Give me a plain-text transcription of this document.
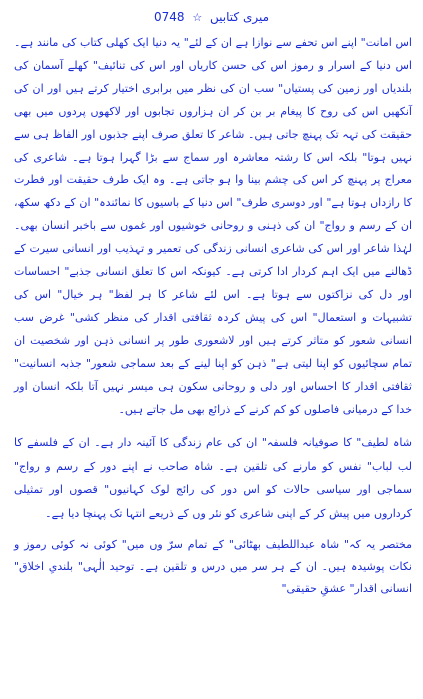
میری کتابیں ☆ 0748

اس امانت" اپنے اس تحفے سے نوازا ہے ان کے لئے" یہ دنیا ایک کھلی کتاب کی مانند ہے۔ اس دنیا کے اسرار و رموز اس کی حسن کاریاں اور اس کی تنائیف" کھلے آسمان کی بلندیاں اور زمین کی پستیاں" سب ان کی نظر میں برابری اختیار کرتے ہیں اور ان کی آنکھیں اس کی روح کا پیغام بر بن کر ان ہزاروں تجابوں اور لاکھوں پردوں میں بھی حقیقت کی تہہ تک پہنچ جاتی ہیں۔ شاعر کا تعلق صرف اپنے جذبوں اور الفاظ ہی سے نہیں ہوتا" بلکہ اس کا رشتہ معاشرہ اور سماج سے بڑا گہرا ہوتا ہے۔ شاعری کی معراج پر پہنچ کر اس کی چشم بینا وا ہو جاتی ہے۔ وہ ایک طرف حقیقت اور فطرت کا رازداں ہوتا ہے" اور دوسری طرف" اس دنیا کے باسیوں کا نمائندہ" ان کے دکھ سکھ، ان کے رسم و رواج" ان کی ذہنی و روحانی خوشیوں اور غموں سے باخبر انسان بھی۔ لہٰذا شاعر اور اس کی شاعری انسانی زندگی کی تعمیر و تہذیب اور انسانی سیرت کے ڈھالنے میں ایک اہم کردار ادا کرتی ہے۔ کیونکہ اس کا تعلق انسانی جذبے" احساسات اور دل کی نزاکتوں سے ہوتا ہے۔ اس لئے شاعر کا ہر لفظ" ہر خیال" اس کی تشبیہات و استعمال" اس کی پیش کردہ ثقافتی اقدار کی منظر کشی" غرض سب انسانی شعور کو متاثر کرتے ہیں اور لاشعوری طور پر انسانی ذہن اور شخصیت ان تمام سچائیوں کو اپنا لیتی ہے" ذہن کو اپنا لینے کے بعد سماجی شعور" جذبہ انسانیت" ثقافتی اقدار کا احساس اور دلی و روحانی سکون ہی میسر نہیں آتا بلکہ انسان اور خدا کے درمیانی فاصلوں کو کم کرنے کے ذرائع بھی مل جاتے ہیں۔

شاہ لطیف" کا صوفیانہ فلسفہ" ان کی عام زندگی کا آئینہ دار ہے۔ ان کے فلسفے کا لب لباب" نفس کو مارنے کی تلقین ہے۔ شاہ صاحب نے اپنے دور کے رسم و رواج" سماجی اور سیاسی حالات کو اس دور کی رائج لوک کہانیوں" قصوں اور تمثیلی کرداروں میں پیش کر کے اپنی شاعری کو نئر وں کے ذریعے انتہا تک پہنچا دیا ہے۔

مختصر یہ کہ" شاہ عبداللطیف بھٹائی" کے تمام سرّ وں میں" کوئی نہ کوئی رموز و نکات پوشیدہ ہیں۔ ان کے ہر سر میں درس و تلقین ہے۔ توحید الٰہی" بلندیِ اخلاق" انسانی اقدار" عشقِ حقیقی"
